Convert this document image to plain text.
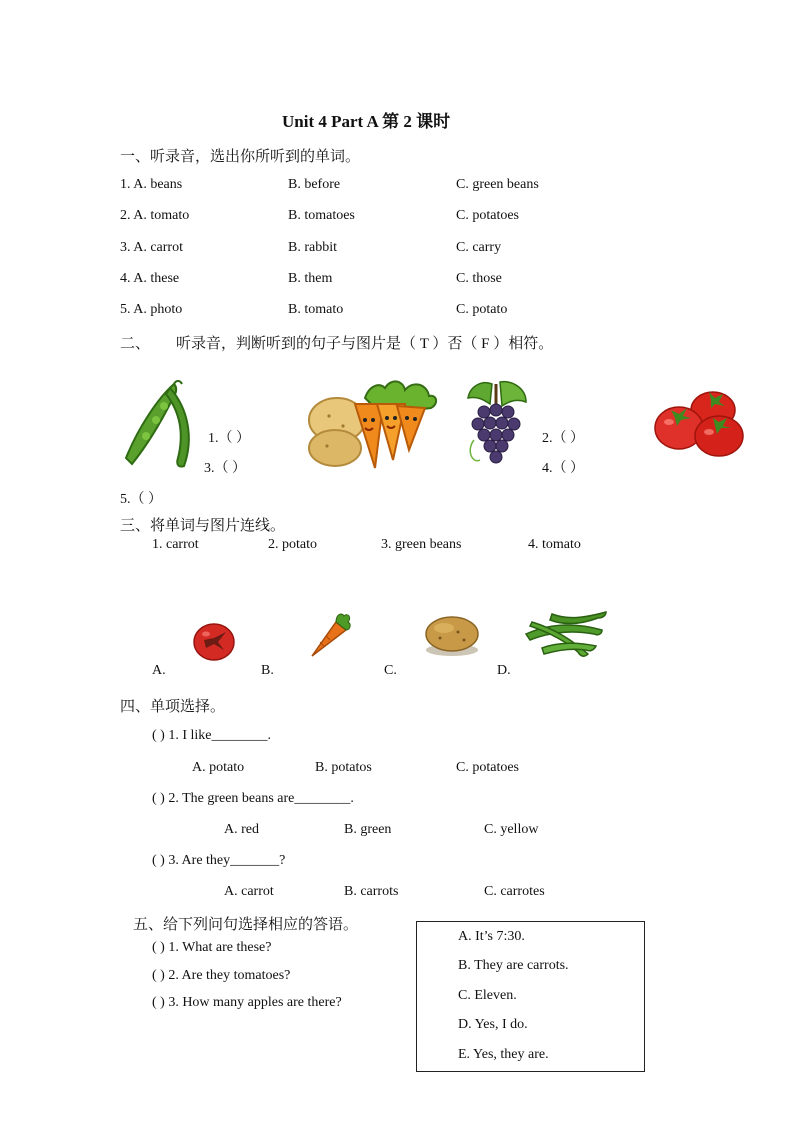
Unit 4 Part A 第 2 课时
一、听录音，选出你所听到的单词。
1. A. beans	B. before	C. green beans
2. A. tomato	B. tomatoes	C. potatoes
3. A. carrot	B. rabbit	C. carry
4. A. these	B. them	C. those
5. A. photo	B. tomato	C. potato
二、 听录音，判断听到的句子与图片是（ T ）否（ F ）相符。
1.（ ）	2.（ ）
3.（ ）	4.（ ）
5.（ ）
三、将单词与图片连线。
1. carrot	2. potato	3. green beans	4. tomato
A.	B.	C.	D.
四、单项选择。
( ) 1. I like________.
A. potato	B. potatos	C. potatoes
( ) 2. The green beans are________.
A. red	B. green	C. yellow
( ) 3. Are they_______?
A. carrot	B. carrots	C. carrotes
五、给下列问句选择相应的答语。
( ) 1. What are these?
( ) 2. Are they tomatoes?
( ) 3. How many apples are there?
A. It’s 7:30.
B. They are carrots.
C. Eleven.
D. Yes, I do.
E. Yes, they are.
